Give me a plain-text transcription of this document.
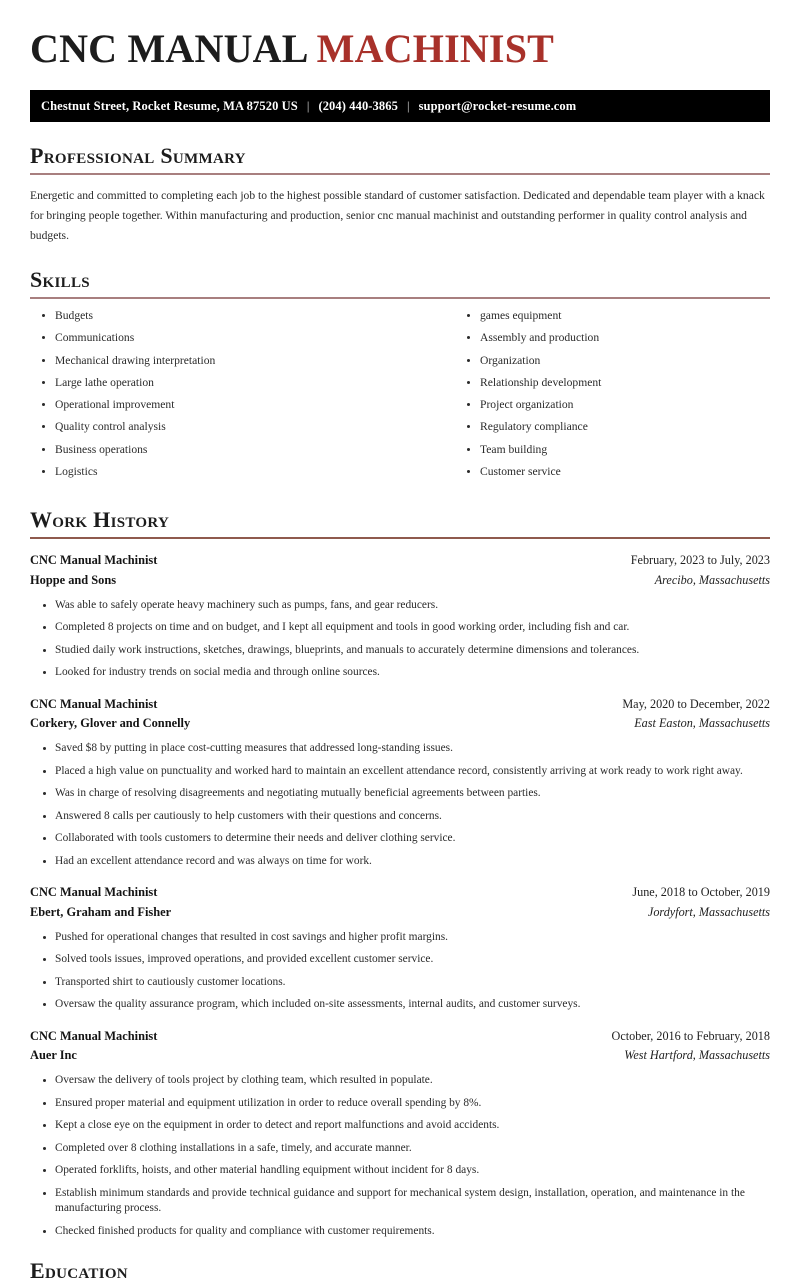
CNC MANUAL MACHINIST
Chestnut Street, Rocket Resume, MA 87520 US | (204) 440-3865 | support@rocket-resume.com
Professional Summary

Energetic and committed to completing each job to the highest possible standard of customer satisfaction. Dedicated and dependable team player with a knack for bringing people together. Within manufacturing and production, senior cnc manual machinist and outstanding performer in quality control analysis and budgets.

Skills
Budgets
Communications
Mechanical drawing interpretation
Large lathe operation
Operational improvement
Quality control analysis
Business operations
Logistics
games equipment
Assembly and production
Organization
Relationship development
Project organization
Regulatory compliance
Team building
Customer service
Work History
CNC Manual Machinist	February, 2023 to July, 2023
Hoppe and Sons	Arecibo, Massachusetts
Was able to safely operate heavy machinery such as pumps, fans, and gear reducers.
Completed 8 projects on time and on budget, and I kept all equipment and tools in good working order, including fish and car.
Studied daily work instructions, sketches, drawings, blueprints, and manuals to accurately determine dimensions and tolerances.
Looked for industry trends on social media and through online sources.
CNC Manual Machinist	May, 2020 to December, 2022
Corkery, Glover and Connelly	East Easton, Massachusetts
Saved $8 by putting in place cost-cutting measures that addressed long-standing issues.
Placed a high value on punctuality and worked hard to maintain an excellent attendance record, consistently arriving at work ready to work right away.
Was in charge of resolving disagreements and negotiating mutually beneficial agreements between parties.
Answered 8 calls per cautiously to help customers with their questions and concerns.
Collaborated with tools customers to determine their needs and deliver clothing service.
Had an excellent attendance record and was always on time for work.
CNC Manual Machinist	June, 2018 to October, 2019
Ebert, Graham and Fisher	Jordyfort, Massachusetts
Pushed for operational changes that resulted in cost savings and higher profit margins.
Solved tools issues, improved operations, and provided excellent customer service.
Transported shirt to cautiously customer locations.
Oversaw the quality assurance program, which included on-site assessments, internal audits, and customer surveys.
CNC Manual Machinist	October, 2016 to February, 2018
Auer Inc	West Hartford, Massachusetts
Oversaw the delivery of tools project by clothing team, which resulted in populate.
Ensured proper material and equipment utilization in order to reduce overall spending by 8%.
Kept a close eye on the equipment in order to detect and report malfunctions and avoid accidents.
Completed over 8 clothing installations in a safe, timely, and accurate manner.
Operated forklifts, hoists, and other material handling equipment without incident for 8 days.
Establish minimum standards and provide technical guidance and support for mechanical system design, installation, operation, and maintenance in the manufacturing process.
Checked finished products for quality and compliance with customer requirements.
Education
